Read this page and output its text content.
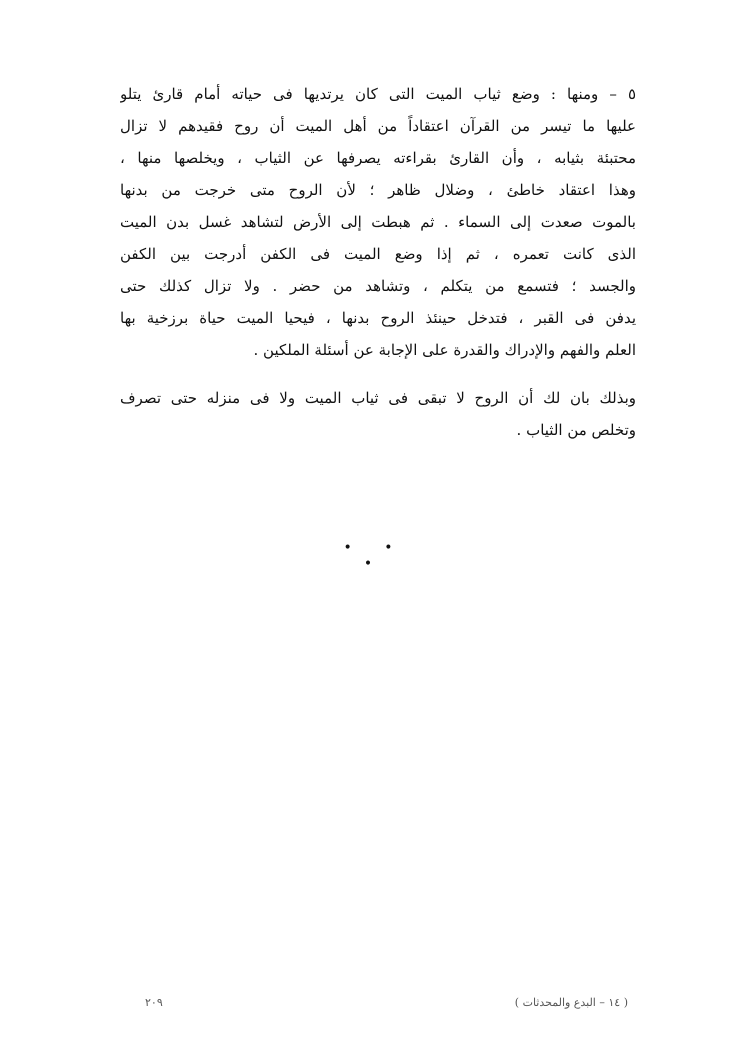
٥ – ومنها : وضع ثياب الميت التى كان يرتديها فى حياته أمام قارئ يتلو
عليها ما تيسر من القرآن اعتقاداً من أهل الميت أن روح فقيدهم لا تزال
محتبئة بثيابه ، وأن القارئ بقراءته يصرفها عن الثياب ، ويخلصها منها ،
وهذا اعتقاد خاطئ ، وضلال ظاهر ؛ لأن الروح متى خرجت من بدنها
بالموت صعدت إلى السماء . ثم هبطت إلى الأرض لتشاهد غسل بدن الميت
الذى كانت تعمره ، ثم إذا وضع الميت فى الكفن أدرجت بين الكفن
والجسد ؛ فتسمع من يتكلم ، وتشاهد من حضر . ولا تزال كذلك حتى
يدفن فى القبر ، فتدخل حينئذ الروح بدنها ، فيحيا الميت حياة برزخية بها
العلم والفهم والإدراك والقدرة على الإجابة عن أسئلة الملكين .
وبذلك بان لك أن الروح لا تبقى فى ثياب الميت ولا فى منزله حتى تصرف
وتخلص من الثياب .
• • •
( ١٤ – البدع والمحدثات )
٢٠٩
